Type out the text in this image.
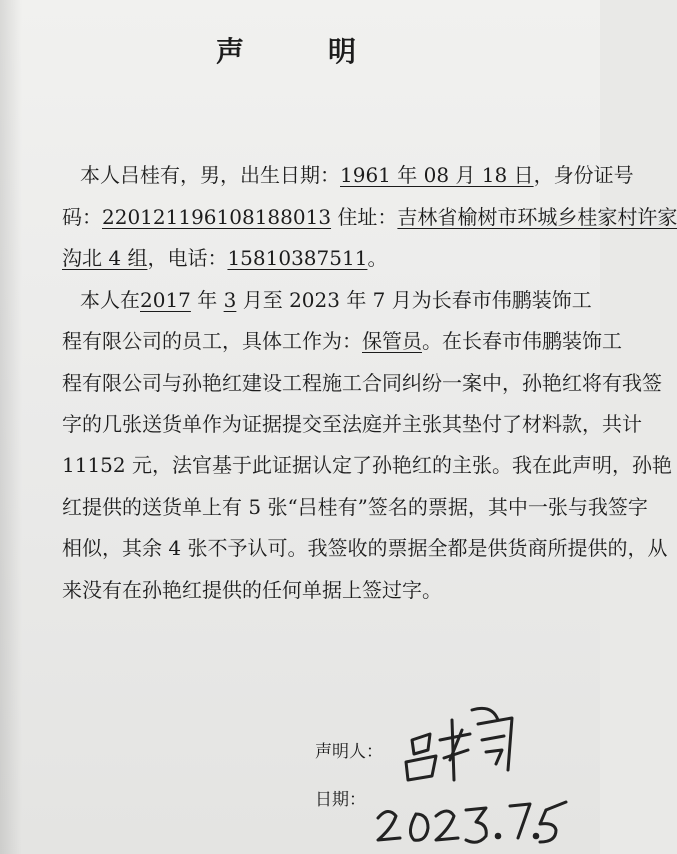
声　明
本人吕桂有，男，出生日期：1961 年 08 月 18 日，身份证号
码：220121196108188013 住址：吉林省榆树市环城乡桂家村许家
沟北 4 组，电话：15810387511。
本人在2017 年 3 月至 2023 年 7 月为长春市伟鹏装饰工
程有限公司的员工，具体工作为：保管员。在长春市伟鹏装饰工
程有限公司与孙艳红建设工程施工合同纠纷一案中，孙艳红将有我签
字的几张送货单作为证据提交至法庭并主张其垫付了材料款，共计
11152 元，法官基于此证据认定了孙艳红的主张。我在此声明，孙艳
红提供的送货单上有 5 张“吕桂有”签名的票据，其中一张与我签字
相似，其余 4 张不予认可。我签收的票据全都是供货商所提供的，从
来没有在孙艳红提供的任何单据上签过字。
声明人：
日期：
